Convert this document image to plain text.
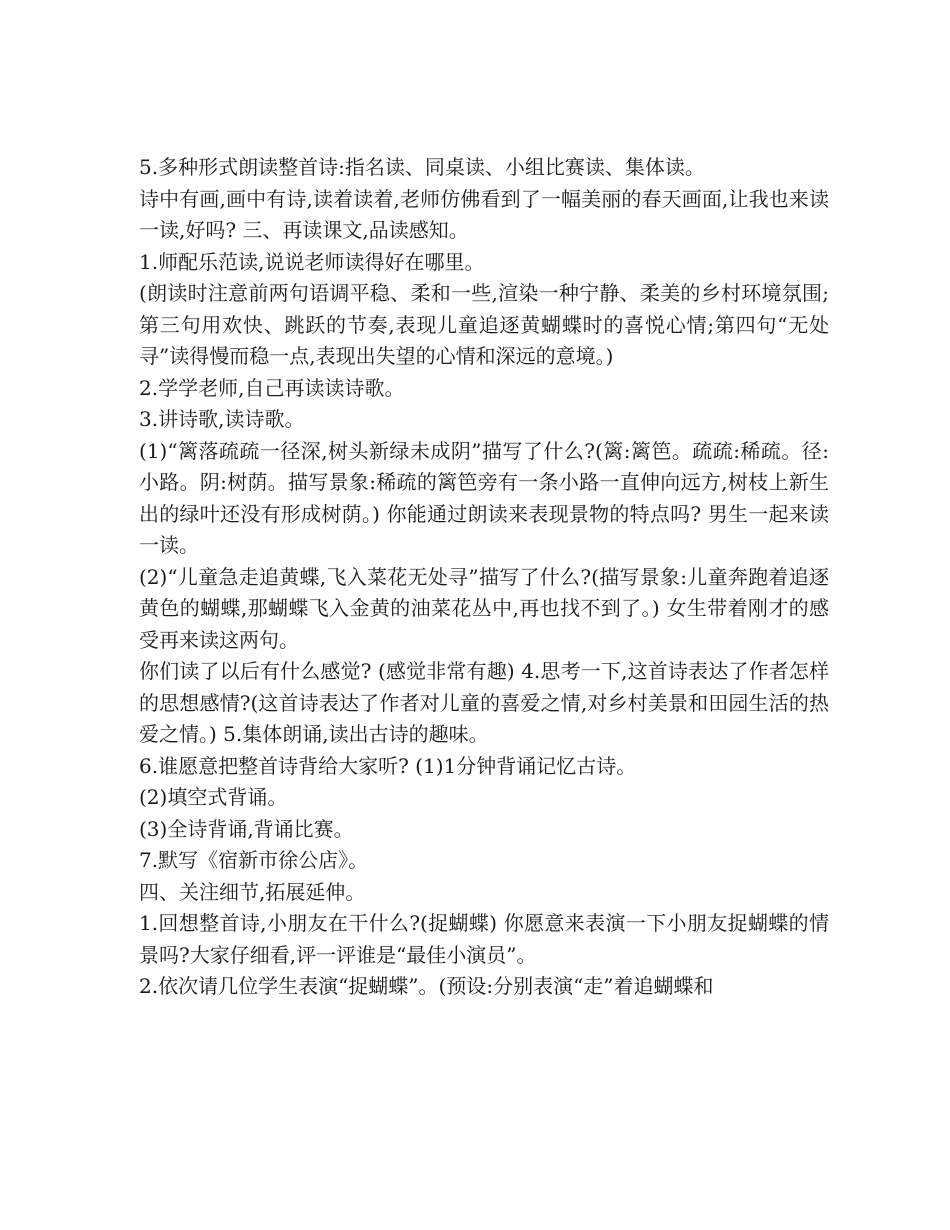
5.多种形式朗读整首诗:指名读、同桌读、小组比赛读、集体读。

诗中有画,画中有诗,读着读着,老师仿佛看到了一幅美丽的春天画面,让我也来读一读,好吗? 三、再读课文,品读感知。

1.师配乐范读,说说老师读得好在哪里。

(朗读时注意前两句语调平稳、柔和一些,渲染一种宁静、柔美的乡村环境氛围;第三句用欢快、跳跃的节奏,表现儿童追逐黄蝴蝶时的喜悦心情;第四句“无处寻”读得慢而稳一点,表现出失望的心情和深远的意境。)

2.学学老师,自己再读读诗歌。

3.讲诗歌,读诗歌。

(1)“篱落疏疏一径深,树头新绿未成阴”描写了什么?(篱:篱笆。疏疏:稀疏。径:小路。阴:树荫。描写景象:稀疏的篱笆旁有一条小路一直伸向远方,树枝上新生出的绿叶还没有形成树荫。) 你能通过朗读来表现景物的特点吗? 男生一起来读一读。

(2)“儿童急走追黄蝶,飞入菜花无处寻”描写了什么?(描写景象:儿童奔跑着追逐黄色的蝴蝶,那蝴蝶飞入金黄的油菜花丛中,再也找不到了。) 女生带着刚才的感受再来读这两句。

你们读了以后有什么感觉? (感觉非常有趣) 4.思考一下,这首诗表达了作者怎样的思想感情?(这首诗表达了作者对儿童的喜爱之情,对乡村美景和田园生活的热爱之情。) 5.集体朗诵,读出古诗的趣味。

6.谁愿意把整首诗背给大家听? (1)1分钟背诵记忆古诗。

(2)填空式背诵。

(3)全诗背诵,背诵比赛。

7.默写《宿新市徐公店》。

四、关注细节,拓展延伸。

1.回想整首诗,小朋友在干什么?(捉蝴蝶) 你愿意来表演一下小朋友捉蝴蝶的情景吗?大家仔细看,评一评谁是“最佳小演员”。

2.依次请几位学生表演“捉蝴蝶”。(预设:分别表演“走”着追蝴蝶和
